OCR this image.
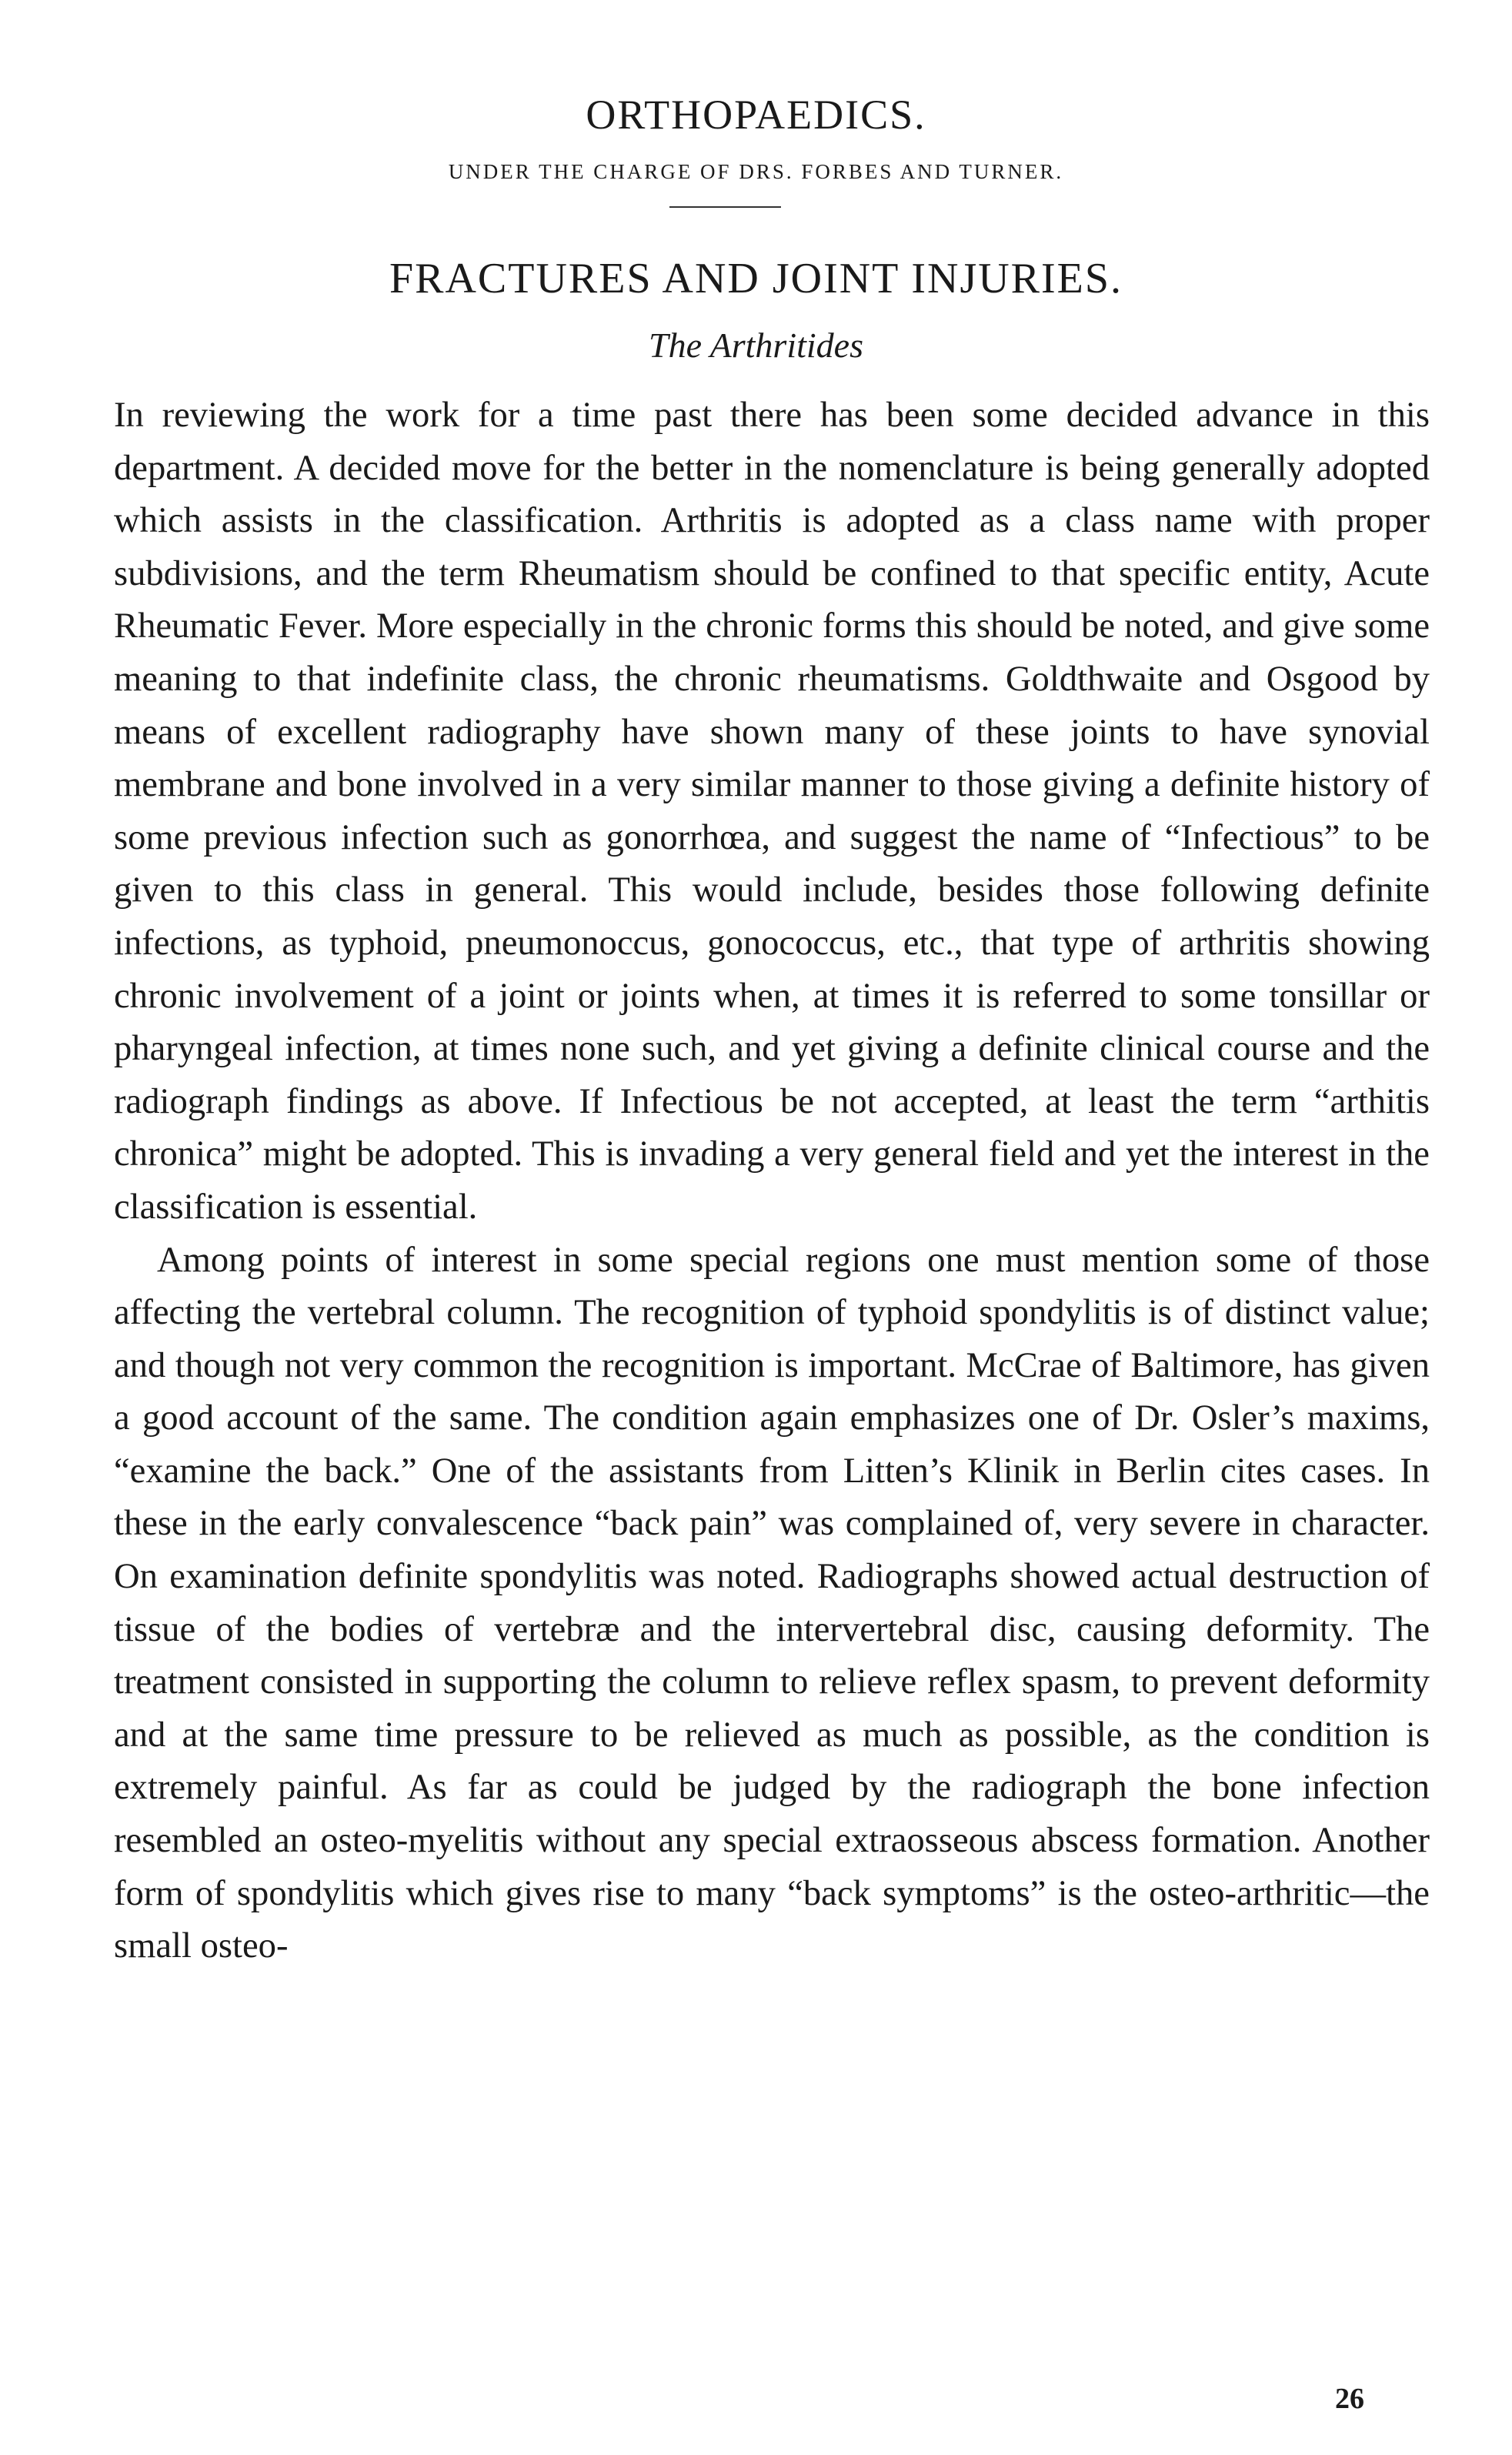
ORTHOPAEDICS.
UNDER THE CHARGE OF DRS. FORBES AND TURNER.
FRACTURES AND JOINT INJURIES.
The Arthritides

In reviewing the work for a time past there has been some decided advance in this department. A decided move for the better in the nomenclature is being generally adopted which assists in the classification. Arthritis is adopted as a class name with proper subdivisions, and the term Rheumatism should be confined to that specific entity, Acute Rheumatic Fever. More especially in the chronic forms this should be noted, and give some meaning to that indefinite class, the chronic rheumatisms. Goldthwaite and Osgood by means of excellent radiography have shown many of these joints to have synovial membrane and bone involved in a very similar manner to those giving a definite history of some previous infection such as gonorrhœa, and suggest the name of “Infectious” to be given to this class in general. This would include, besides those following definite infections, as typhoid, pneumonoccus, gonococcus, etc., that type of arthritis showing chronic involvement of a joint or joints when, at times it is referred to some tonsillar or pharyngeal infection, at times none such, and yet giving a definite clinical course and the radiograph findings as above. If Infectious be not accepted, at least the term “arthitis chronica” might be adopted. This is invading a very general field and yet the interest in the classification is essential.

Among points of interest in some special regions one must mention some of those affecting the vertebral column. The recognition of typhoid spondylitis is of distinct value; and though not very common the recognition is important. McCrae of Baltimore, has given a good account of the same. The condition again emphasizes one of Dr. Osler’s maxims, “examine the back.” One of the assistants from Litten’s Klinik in Berlin cites cases. In these in the early convalescence “back pain” was complained of, very severe in character. On examination definite spondylitis was noted. Radiographs showed actual destruction of tissue of the bodies of vertebræ and the intervertebral disc, causing deformity. The treatment consisted in supporting the column to relieve reflex spasm, to prevent deformity and at the same time pressure to be relieved as much as possible, as the condition is extremely painful. As far as could be judged by the radiograph the bone infection resembled an osteo-myelitis without any special extraosseous abscess formation. Another form of spondylitis which gives rise to many “back symptoms” is the osteo-arthritic—the small osteo-

26
